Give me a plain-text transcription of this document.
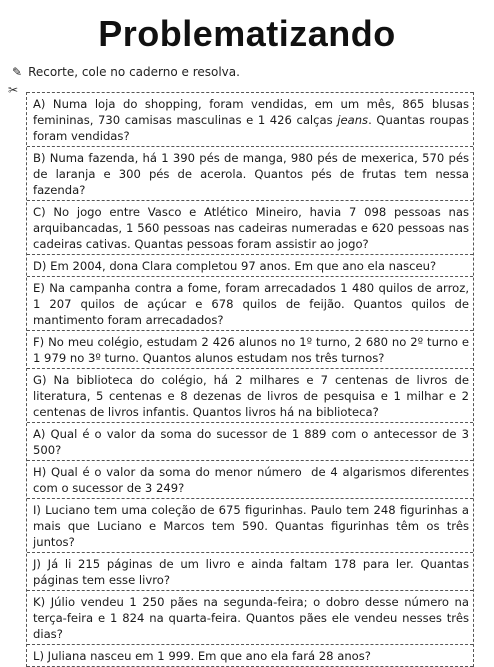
Problematizando
✎ Recorte, cole no caderno e resolva.
✂
A) Numa loja do shopping, foram vendidas, em um mês, 865 blusas femininas, 730 camisas masculinas e 1 426 calças jeans. Quantas roupas foram vendidas?
B) Numa fazenda, há 1 390 pés de manga, 980 pés de mexerica, 570 pés de laranja e 300 pés de acerola. Quantos pés de frutas tem nessa fazenda?
C) No jogo entre Vasco e Atlético Mineiro, havia 7 098 pessoas nas arquibancadas, 1 560 pessoas nas cadeiras numeradas e 620 pessoas nas cadeiras cativas. Quantas pessoas foram assistir ao jogo?
D) Em 2004, dona Clara completou 97 anos. Em que ano ela nasceu?
E) Na campanha contra a fome, foram arrecadados 1 480 quilos de arroz, 1 207 quilos de açúcar e 678 quilos de feijão. Quantos quilos de mantimento foram arrecadados?
F) No meu colégio, estudam 2 426 alunos no 1º turno, 2 680 no 2º turno e 1 979 no 3º turno. Quantos alunos estudam nos três turnos?
G) Na biblioteca do colégio, há 2 milhares e 7 centenas de livros de literatura, 5 centenas e 8 dezenas de livros de pesquisa e 1 milhar e 2 centenas de livros infantis. Quantos livros há na biblioteca?
A) Qual é o valor da soma do sucessor de 1 889 com o antecessor de 3 500?
H) Qual é o valor da soma do menor número  de 4 algarismos diferentes com o sucessor de 3 249?
I) Luciano tem uma coleção de 675 figurinhas. Paulo tem 248 figurinhas a mais que Luciano e Marcos tem 590. Quantas figurinhas têm os três juntos?
J) Já li 215 páginas de um livro e ainda faltam 178 para ler. Quantas páginas tem esse livro?
K) Júlio vendeu 1 250 pães na segunda-feira; o dobro desse número na terça-feira e 1 824 na quarta-feira. Quantos pães ele vendeu nesses três dias?
L) Juliana nasceu em 1 999. Em que ano ela fará 28 anos?
